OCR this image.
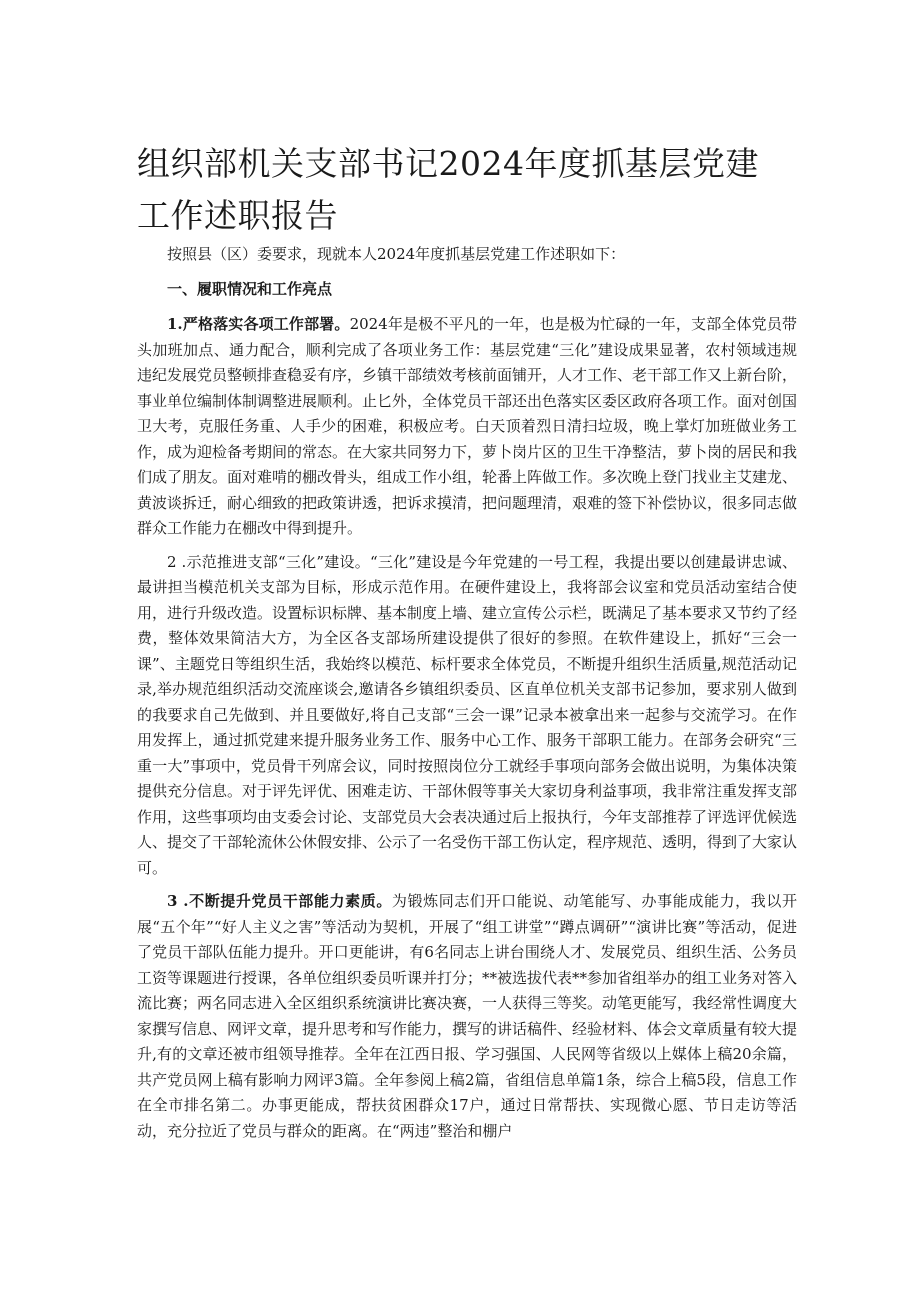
组织部机关支部书记2024年度抓基层党建工作述职报告

按照县（区）委要求，现就本人2024年度抓基层党建工作述职如下：

一、履职情况和工作亮点

1.严格落实各项工作部署。2024年是极不平凡的一年，也是极为忙碌的一年，支部全体党员带头加班加点、通力配合，顺利完成了各项业务工作：基层党建“三化”建设成果显著，农村领域违规违纪发展党员整顿排查稳妥有序，乡镇干部绩效考核前面铺开，人才工作、老干部工作又上新台阶，事业单位编制体制调整进展顺利。止匕外，全体党员干部还出色落实区委区政府各项工作。面对创国卫大考，克服任务重、人手少的困难，积极应考。白天顶着烈日清扫垃圾，晚上掌灯加班做业务工作，成为迎检备考期间的常态。在大家共同努力下，萝卜岗片区的卫生干净整洁，萝卜岗的居民和我们成了朋友。面对难啃的棚改骨头，组成工作小组，轮番上阵做工作。多次晚上登门找业主艾建龙、黄波谈拆迁，耐心细致的把政策讲透，把诉求摸清，把问题理清，艰难的签下补偿协议，很多同志做群众工作能力在棚改中得到提升。

2 .示范推进支部“三化”建设。“三化”建设是今年党建的一号工程，我提出要以创建最讲忠诚、最讲担当模范机关支部为目标，形成示范作用。在硬件建设上，我将部会议室和党员活动室结合使用，进行升级改造。设置标识标牌、基本制度上墙、建立宣传公示栏，既满足了基本要求又节约了经费，整体效果简洁大方，为全区各支部场所建设提供了很好的参照。在软件建设上，抓好“三会一课”、主题党日等组织生活，我始终以模范、标杆要求全体党员，不断提升组织生活质量,规范活动记录,举办规范组织活动交流座谈会,邀请各乡镇组织委员、区直单位机关支部书记参加，要求别人做到的我要求自己先做到、并且要做好,将自己支部“三会一课”记录本被拿出来一起参与交流学习。在作用发挥上，通过抓党建来提升服务业务工作、服务中心工作、服务干部职工能力。在部务会研究“三重一大”事项中，党员骨干列席会议，同时按照岗位分工就经手事项向部务会做出说明，为集体决策提供充分信息。对于评先评优、困难走访、干部休假等事关大家切身利益事项，我非常注重发挥支部作用，这些事项均由支委会讨论、支部党员大会表决通过后上报执行，今年支部推荐了评选评优候选人、提交了干部轮流休公休假安排、公示了一名受伤干部工伤认定，程序规范、透明，得到了大家认可。

3 .不断提升党员干部能力素质。为锻炼同志们开口能说、动笔能写、办事能成能力，我以开展“五个年”“好人主义之害”等活动为契机，开展了“组工讲堂”“蹲点调研”“演讲比赛”等活动，促进了党员干部队伍能力提升。开口更能讲，有6名同志上讲台围绕人才、发展党员、组织生活、公务员工资等课题进行授课，各单位组织委员听课并打分；**被选拔代表**参加省组举办的组工业务对答入流比赛；两名同志进入全区组织系统演讲比赛决赛，一人获得三等奖。动笔更能写，我经常性调度大家撰写信息、网评文章，提升思考和写作能力，撰写的讲话稿件、经验材料、体会文章质量有较大提升,有的文章还被市组领导推荐。全年在江西日报、学习强国、人民网等省级以上媒体上稿20余篇，共产党员网上稿有影响力网评3篇。全年参阅上稿2篇，省组信息单篇1条，综合上稿5段，信息工作在全市排名第二。办事更能成，帮扶贫困群众17户，通过日常帮扶、实现微心愿、节日走访等活动，充分拉近了党员与群众的距离。在“两违”整治和棚户
